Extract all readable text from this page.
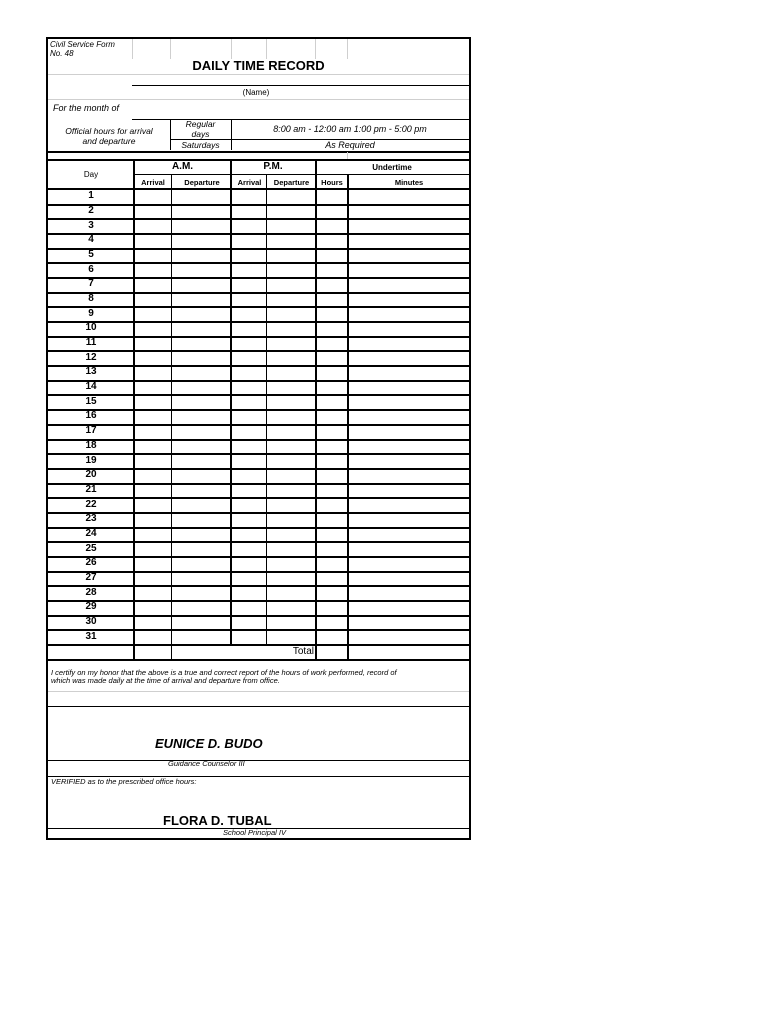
Civil Service Form
No. 48
DAILY TIME RECORD
(Name)
For the month of
Official hours for arrival
and departure
Regular
days	8:00 am - 12:00 am 1:00 pm - 5:00 pm
Saturdays	As Required
Day
A.M.	P.M.	Undertime
Arrival	Departure	Arrival	Departure	Hours	Minutes
1
2
3
4
5
6
7
8
9
10
11
12
13
14
15
16
17
18
19
20
21
22
23
24
25
26
27
28
29
30
31
Total
I certify on my honor that the above is a true and correct report of the hours of work performed, record of
which was made daily at the time of arrival and departure from office.
EUNICE D. BUDO
Guidance Counselor III
VERIFIED as to the prescribed office hours:
FLORA D. TUBAL
School Principal IV
